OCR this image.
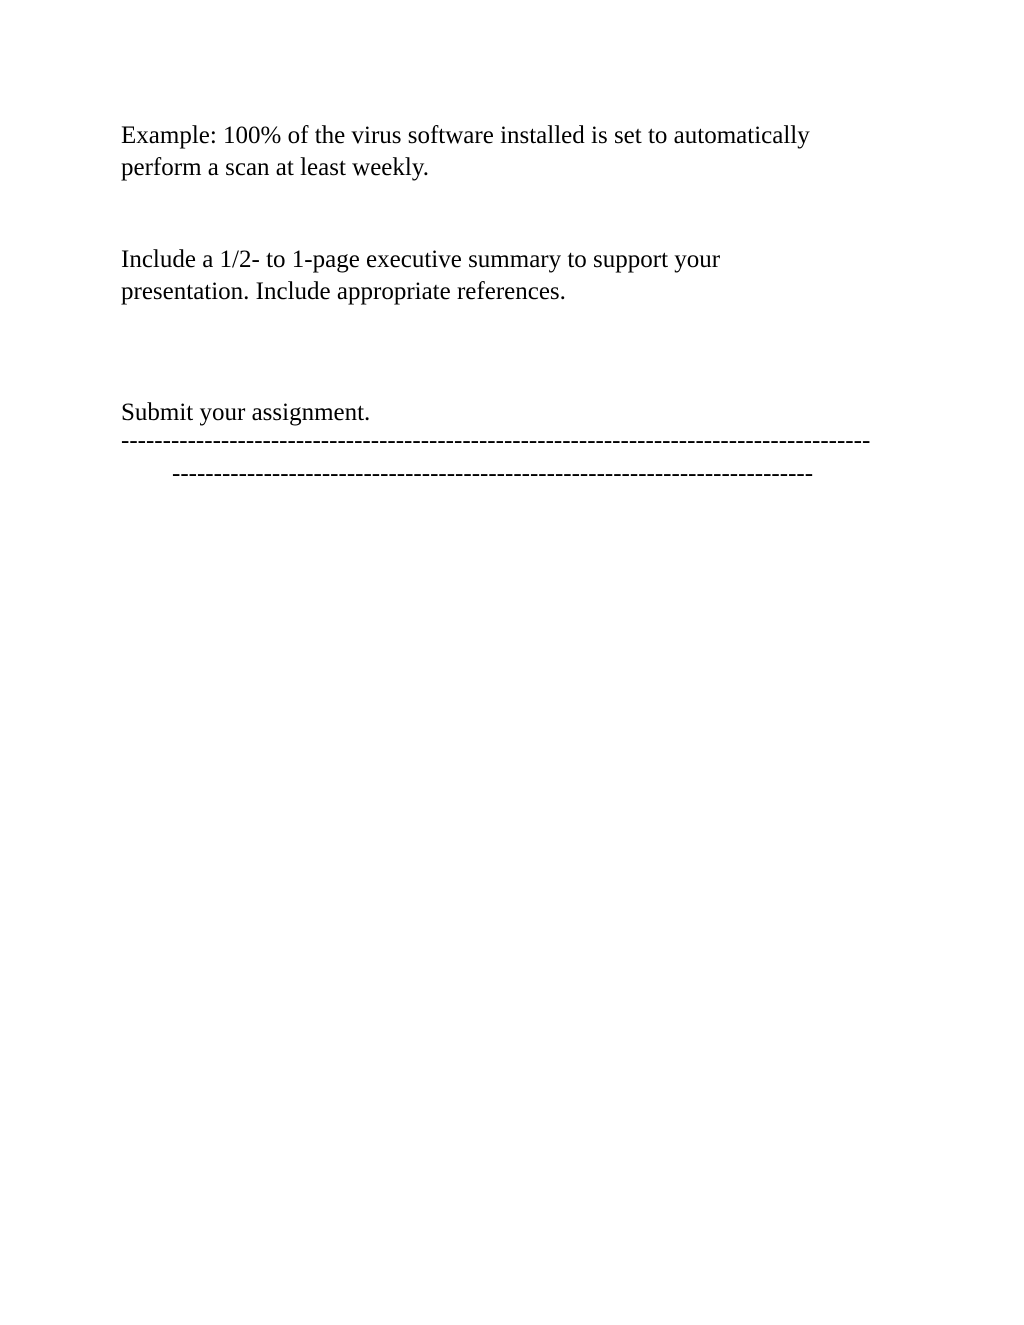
Example: 100% of the virus software installed is set to automatically
perform a scan at least weekly.

Include a 1/2- to 1-page executive summary to support your
presentation. Include appropriate references.

Submit your assignment.

------------------------------------------------------------------------------------------

-----------------------------------------------------------------------------
